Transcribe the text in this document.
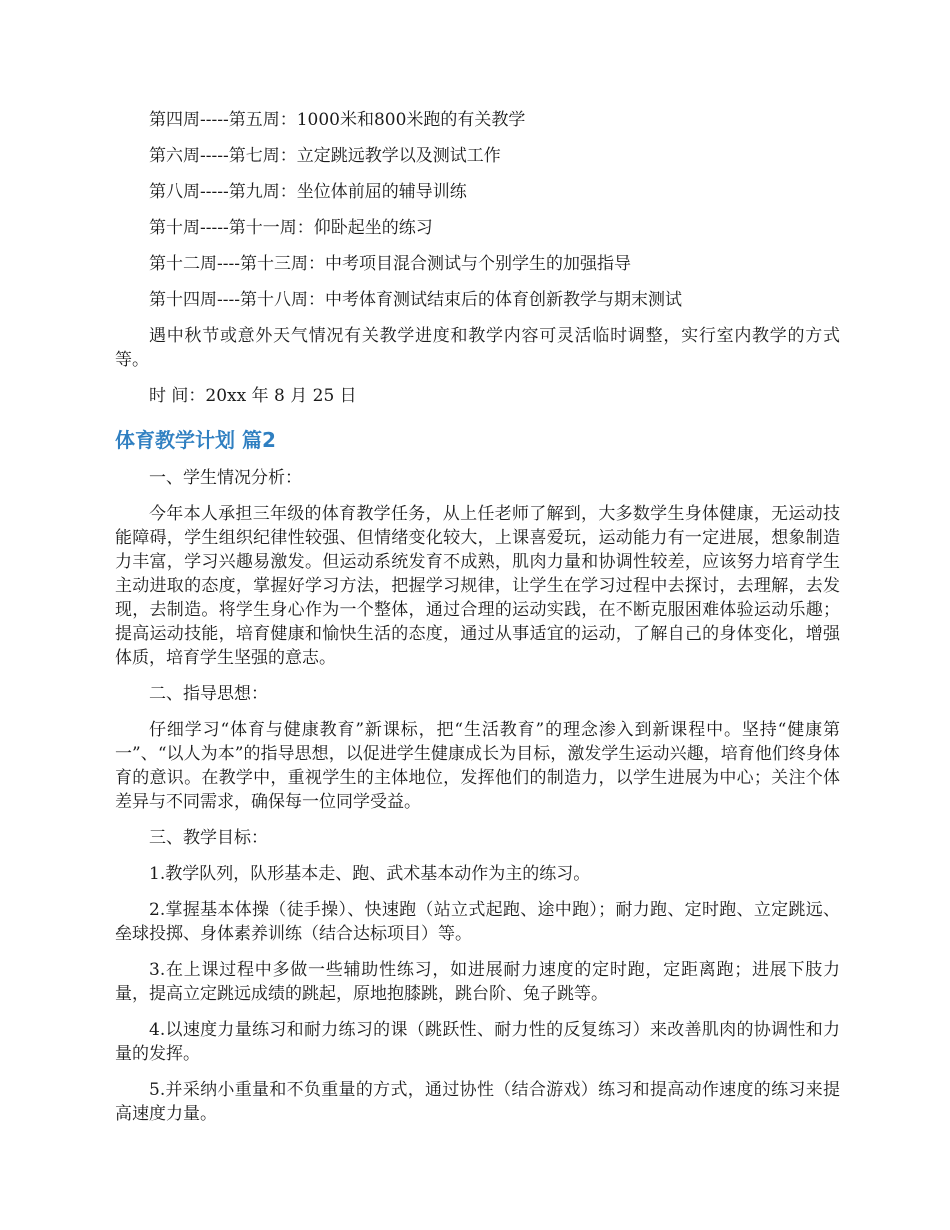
第四周-----第五周：1000米和800米跑的有关教学

第六周-----第七周：立定跳远教学以及测试工作

第八周-----第九周：坐位体前屈的辅导训练

第十周-----第十一周：仰卧起坐的练习

第十二周----第十三周：中考项目混合测试与个别学生的加强指导

第十四周----第十八周：中考体育测试结束后的体育创新教学与期末测试

遇中秋节或意外天气情况有关教学进度和教学内容可灵活临时调整，实行室内教学的方式等。

时 间：20xx 年 8 月 25 日

体育教学计划 篇2

一、学生情况分析：

今年本人承担三年级的体育教学任务，从上任老师了解到，大多数学生身体健康，无运动技能障碍，学生组织纪律性较强、但情绪变化较大，上课喜爱玩，运动能力有一定进展，想象制造力丰富，学习兴趣易激发。但运动系统发育不成熟，肌肉力量和协调性较差，应该努力培育学生主动进取的态度，掌握好学习方法，把握学习规律，让学生在学习过程中去探讨，去理解，去发现，去制造。将学生身心作为一个整体，通过合理的运动实践，在不断克服困难体验运动乐趣；提高运动技能，培育健康和愉快生活的态度，通过从事适宜的运动，了解自己的身体变化，增强体质，培育学生坚强的意志。

二、指导思想：

仔细学习“体育与健康教育”新课标，把“生活教育”的理念渗入到新课程中。坚持“健康第一”、“以人为本”的指导思想，以促进学生健康成长为目标，激发学生运动兴趣，培育他们终身体育的意识。在教学中，重视学生的主体地位，发挥他们的制造力，以学生进展为中心；关注个体差异与不同需求，确保每一位同学受益。

三、教学目标：

1.教学队列，队形基本走、跑、武术基本动作为主的练习。

2.掌握基本体操（徒手操）、快速跑（站立式起跑、途中跑）；耐力跑、定时跑、立定跳远、垒球投掷、身体素养训练（结合达标项目）等。

3.在上课过程中多做一些辅助性练习，如进展耐力速度的定时跑，定距离跑；进展下肢力量，提高立定跳远成绩的跳起，原地抱膝跳，跳台阶、兔子跳等。

4.以速度力量练习和耐力练习的课（跳跃性、耐力性的反复练习）来改善肌肉的协调性和力量的发挥。

5.并采纳小重量和不负重量的方式，通过协性（结合游戏）练习和提高动作速度的练习来提高速度力量。
